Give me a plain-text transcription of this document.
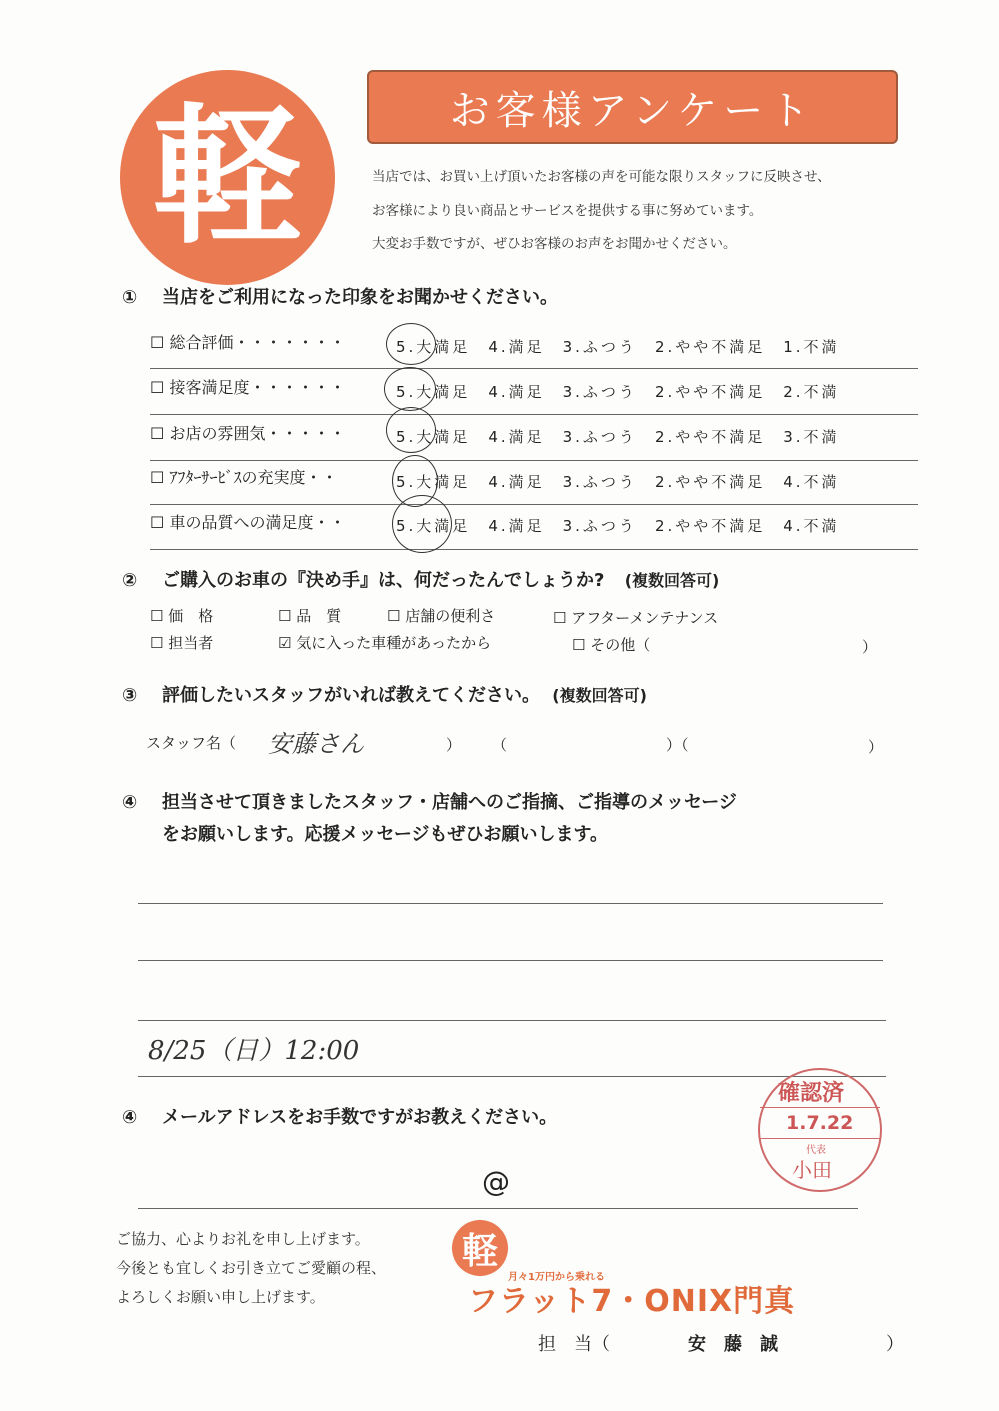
軽	お客様アンケート
当店では、お買い上げ頂いたお客様の声を可能な限りスタッフに反映させ、
お客様により良い商品とサービスを提供する事に努めています。
大変お手数ですが、ぜひお客様のお声をお聞かせください。
① 当店をご利用になった印象をお聞かせください。
☐ 総合評価・・・・・・・	5.大満足 4.満足 3.ふつう 2.やや不満足 1.不満
☐ 接客満足度・・・・・・	5.大満足 4.満足 3.ふつう 2.やや不満足 2.不満
☐ お店の雰囲気・・・・・	5.大満足 4.満足 3.ふつう 2.やや不満足 3.不満
☐ ｱﾌﾀｰｻｰﾋﾞｽの充実度・・	5.大満足 4.満足 3.ふつう 2.やや不満足 4.不満
☐ 車の品質への満足度・・	5.大満足 4.満足 3.ふつう 2.やや不満足 4.不満
② ご購入のお車の『決め手』は、何だったんでしょうか? (複数回答可)
☐ 価　格	☐ 品　質	☐ 店舗の便利さ	☐ アフターメンテナンス
☐ 担当者	☑ 気に入った車種があったから	☐ その他（	）
③ 評価したいスタッフがいれば教えてください。 (複数回答可)
スタッフ名（ 安藤さん	） （	）（	）
④ 担当させて頂きましたスタッフ・店舗へのご指摘、ご指導のメッセージ
をお願いします。応援メッセージもぜひお願いします。
8/25（日）12:00
④ メールアドレスをお手数ですがお教えください。
@
確認済
1.7.22
代表
小田
ご協力、心よりお礼を申し上げます。
今後とも宜しくお引き立てご愛顧の程、
よろしくお願い申し上げます。
軽
月々1万円から乗れる
フラット7・ONIX門真
担　当（	安　藤　誠	）
